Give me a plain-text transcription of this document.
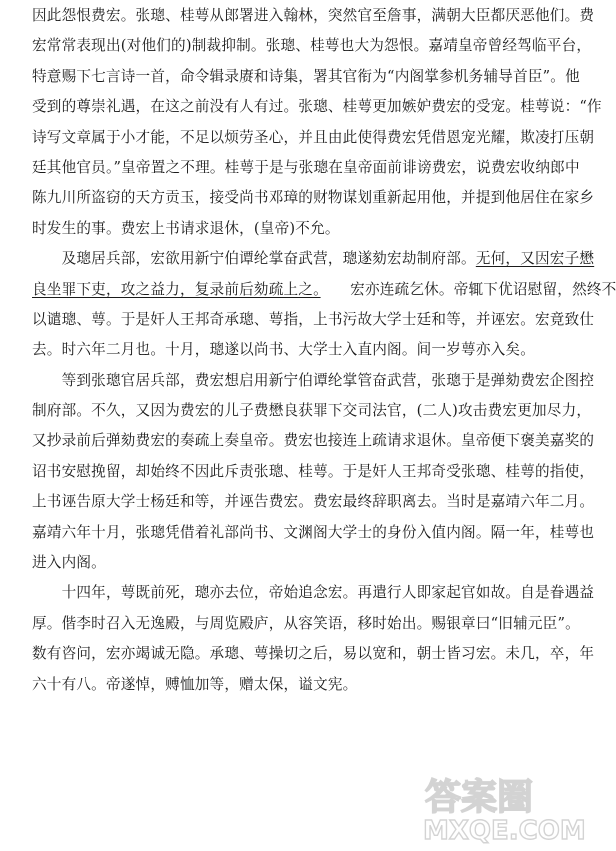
因此怨恨费宏。张璁、桂萼从郎署进入翰林，突然官至詹事，满朝大臣都厌恶他们。费
宏常常表现出(对他们的)制裁抑制。张璁、桂萼也大为怨恨。嘉靖皇帝曾经驾临平台，
特意赐下七言诗一首，命令辑录赓和诗集，署其官衔为“内阁掌参机务辅导首臣”。他
受到的尊崇礼遇，在这之前没有人有过。张璁、桂萼更加嫉妒费宏的受宠。桂萼说：“作
诗写文章属于小才能，不足以烦劳圣心，并且由此使得费宏凭借恩宠光耀，欺凌打压朝
廷其他官员。”皇帝置之不理。桂萼于是与张璁在皇帝面前诽谤费宏，说费宏收纳郎中
陈九川所盗窃的天方贡玉，接受尚书邓璋的财物谋划重新起用他，并提到他居住在家乡
时发生的事。费宏上书请求退休，(皇帝)不允。
　　及璁居兵部，宏欲用新宁伯谭纶掌奋武营，璁遂劾宏劫制府部。无何，又因宏子懋
良坐罪下吏，攻之益力，复录前后劾疏上之。　　宏亦连疏乞休。帝辄下优诏慰留，然终不
以谴璁、萼。于是奸人王邦奇承璁、萼指，上书污故大学士廷和等，并诬宏。宏竟致仕
去。时六年二月也。十月，璁遂以尚书、大学士入直内阁。间一岁萼亦入矣。
　　等到张璁官居兵部，费宏想启用新宁伯谭纶掌管奋武营，张璁于是弹劾费宏企图控
制府部。不久，又因为费宏的儿子费懋良获罪下交司法官，(二人)攻击费宏更加尽力，
又抄录前后弹劾费宏的奏疏上奏皇帝。费宏也接连上疏请求退休。皇帝便下褒美嘉奖的
诏书安慰挽留，却始终不因此斥责张璁、桂萼。于是奸人王邦奇受张璁、桂萼的指使，
上书诬告原大学士杨廷和等，并诬告费宏。费宏最终辞职离去。当时是嘉靖六年二月。
嘉靖六年十月，张璁凭借着礼部尚书、文渊阁大学士的身份入值内阁。隔一年，桂萼也
进入内阁。
　　十四年，萼既前死，璁亦去位，帝始追念宏。再遣行人即家起官如故。自是眷遇益
厚。偕李时召入无逸殿，与周览殿庐，从容笑语，移时始出。赐银章曰“旧辅元臣”。
数有咨问，宏亦竭诚无隐。承璁、萼操切之后，易以宽和，朝士皆习宏。未几，卒，年
六十有八。帝遂悼，赙恤加等，赠太保，谥文宪。
答案圈
MXQE.COM
